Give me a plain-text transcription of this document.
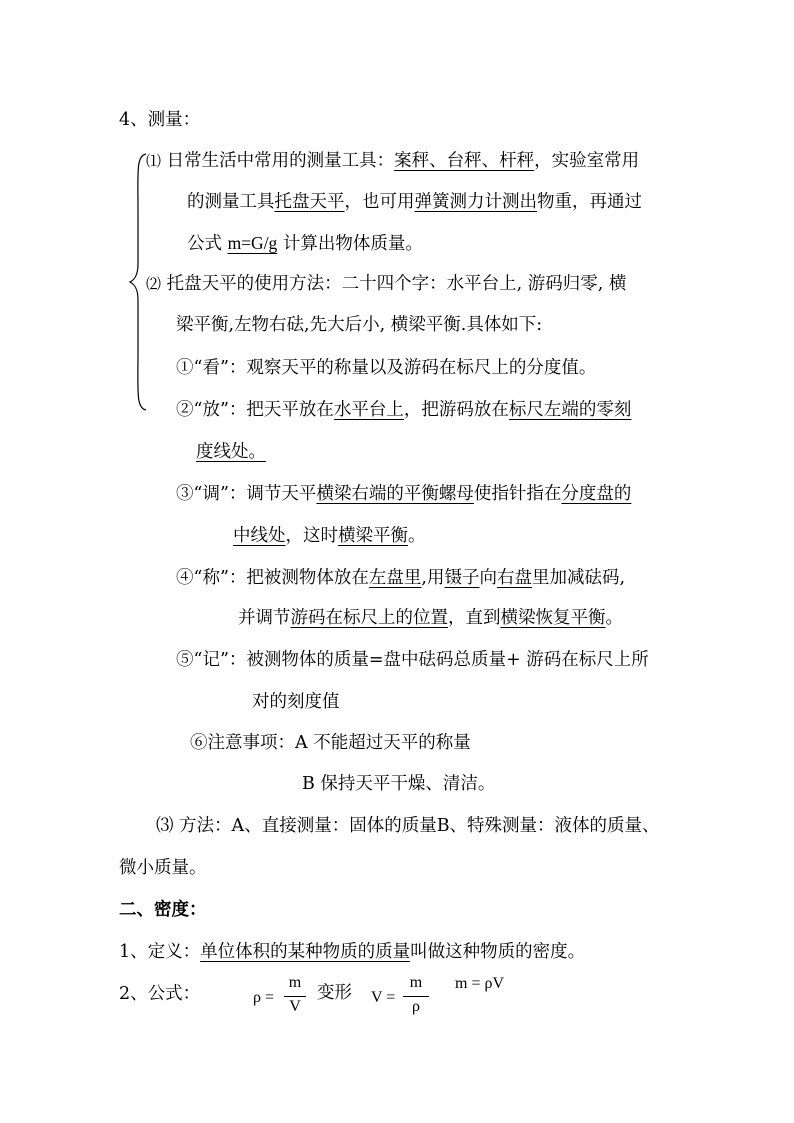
4、测量：
⑴ 日常生活中常用的测量工具：案秤、台秤、杆秤，实验室常用
的测量工具托盘天平，也可用弹簧测力计测出物重，再通过
公式 m=G/g 计算出物体质量。
⑵ 托盘天平的使用方法：二十四个字：水平台上, 游码归零, 横
梁平衡,左物右砝,先大后小, 横梁平衡.具体如下:
①“看”：观察天平的称量以及游码在标尺上的分度值。
②“放”：把天平放在水平台上，把游码放在标尺左端的零刻
度线处。
③“调”：调节天平横梁右端的平衡螺母使指针指在分度盘的
中线处，这时横梁平衡。
④“称”：把被测物体放在左盘里,用镊子向右盘里加减砝码,
并调节游码在标尺上的位置，直到横梁恢复平衡。
⑤“记”：被测物体的质量=盘中砝码总质量+ 游码在标尺上所
对的刻度值
⑥注意事项：A 不能超过天平的称量
B 保持天平干燥、清洁。
⑶ 方法：A、直接测量：固体的质量B、特殊测量：液体的质量、
微小质量。
二、密度：
1、定义：单位体积的某种物质的质量叫做这种物质的密度。
2、公式：	ρ =
m
V
变形 V =
m
ρ
m = ρV
